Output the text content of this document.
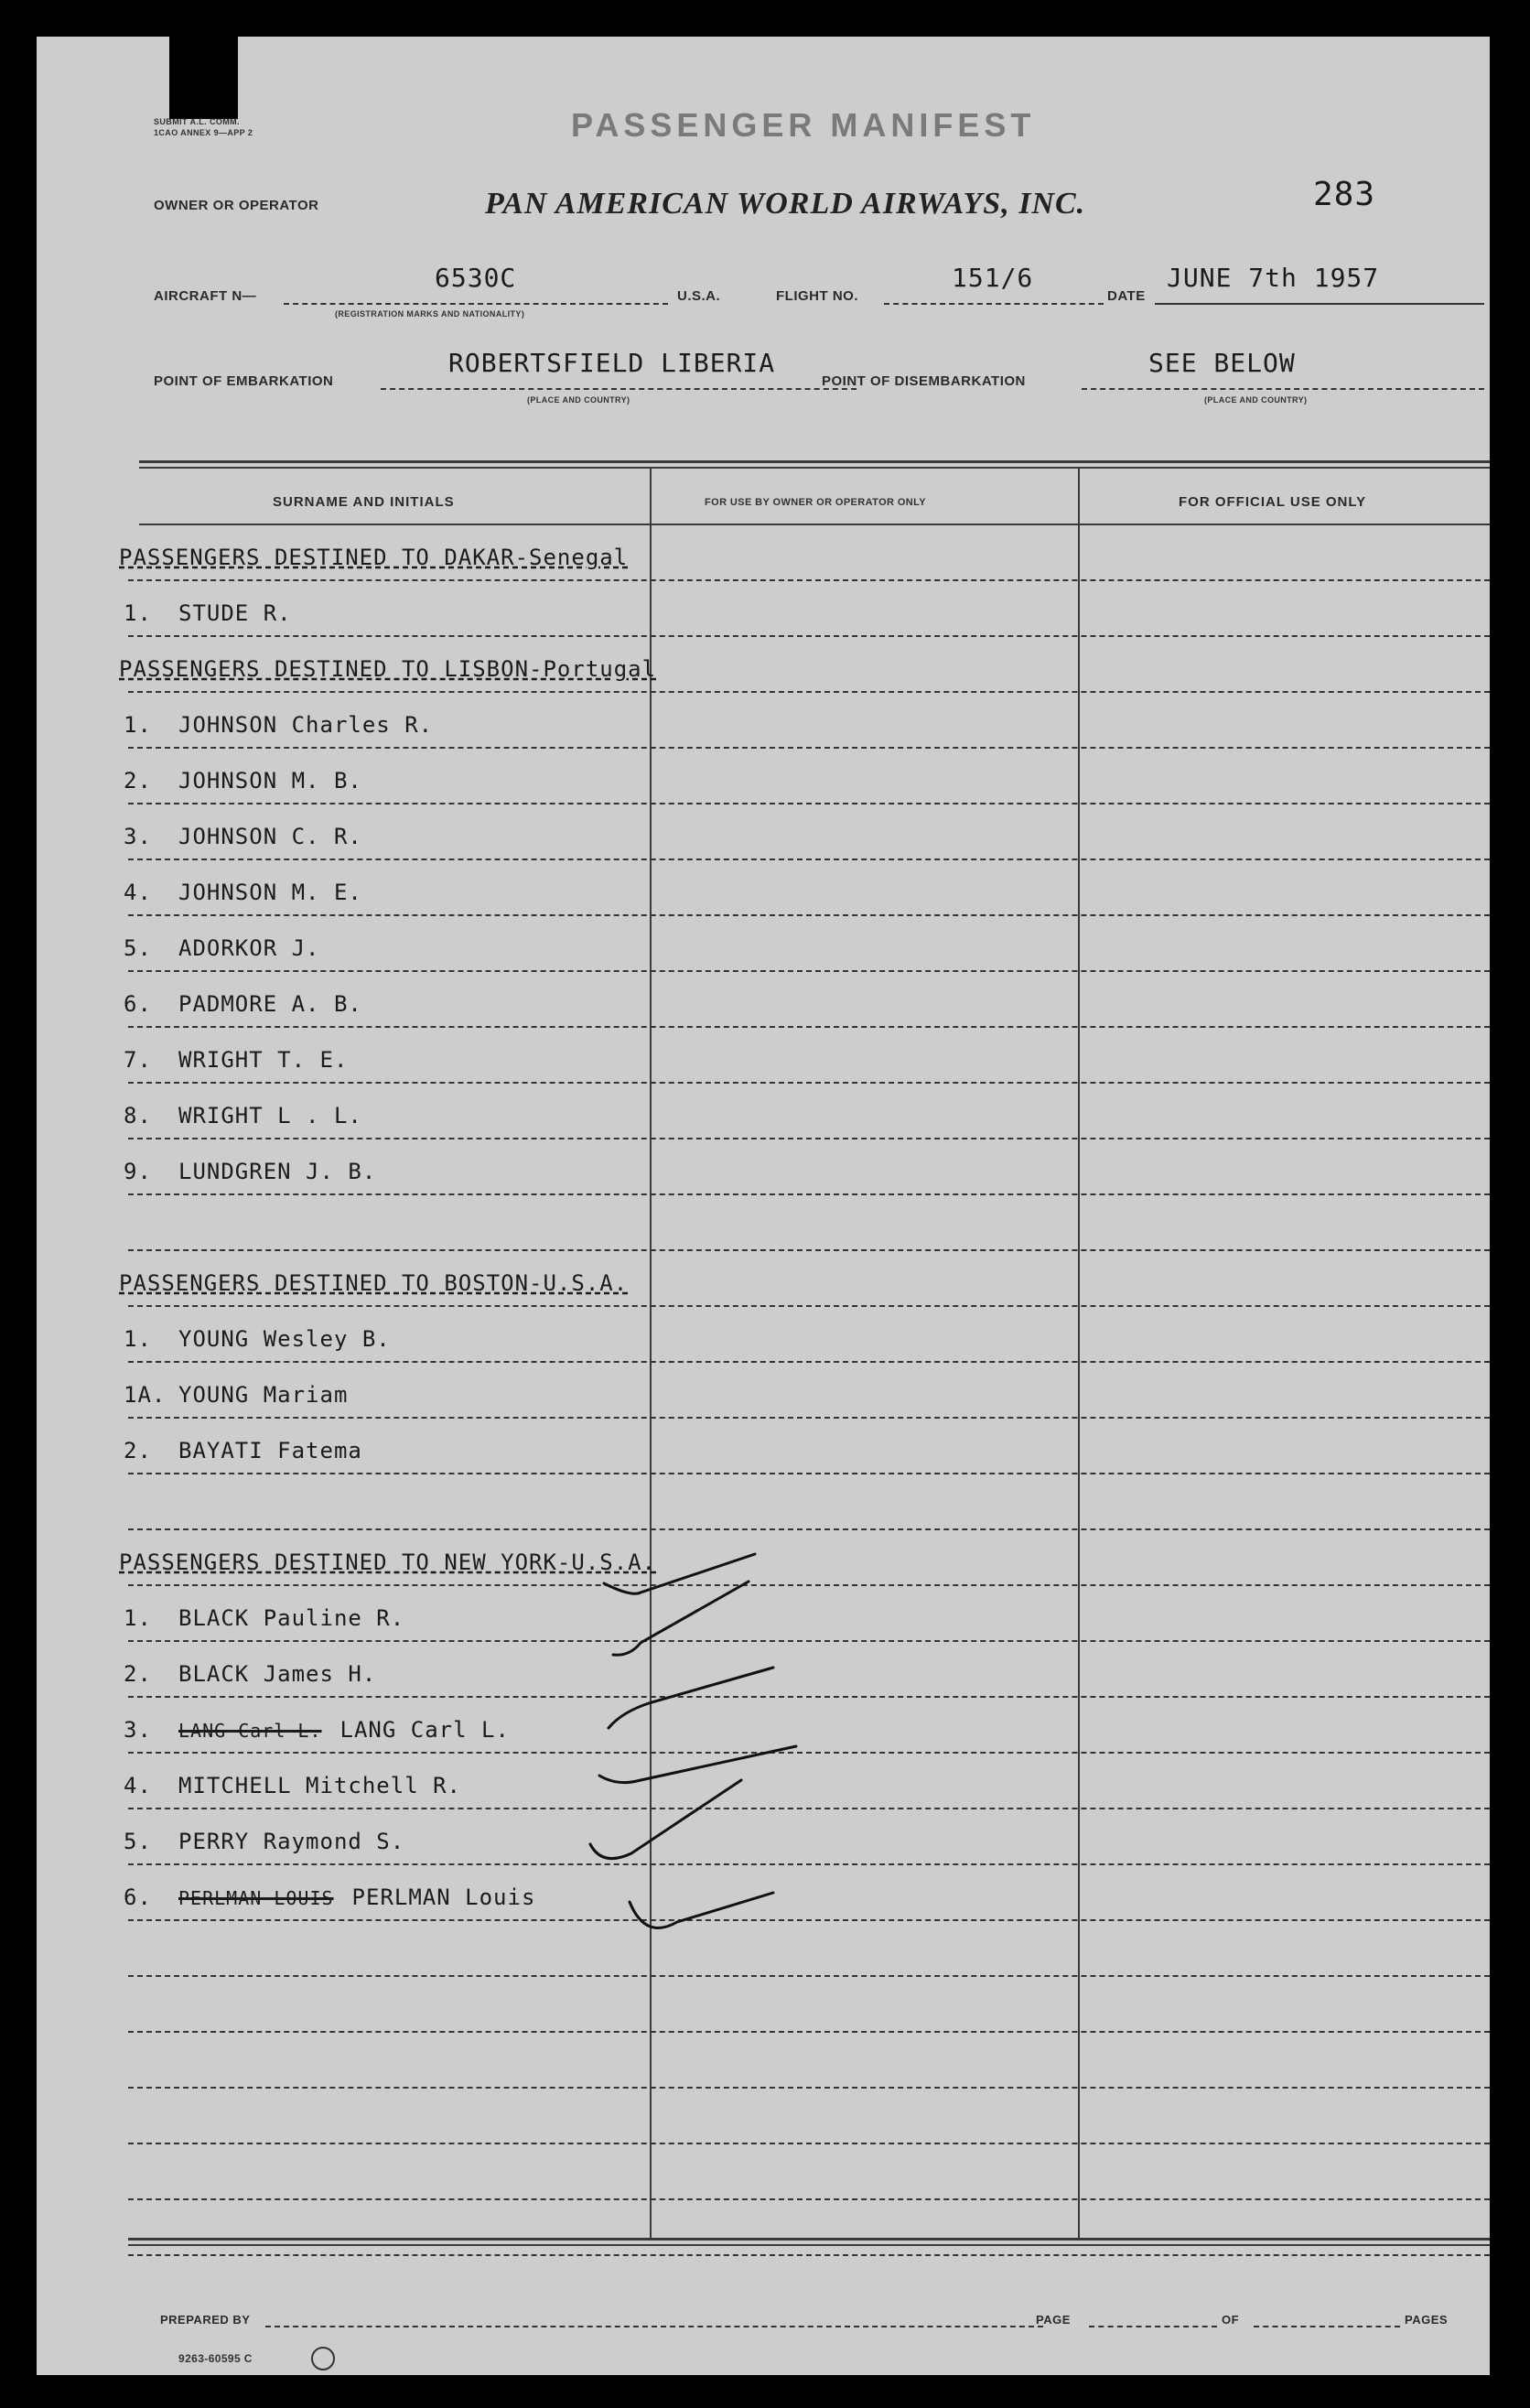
SUBMIT A.L. COMM.
1CAO ANNEX 9—APP 2	PASSENGER MANIFEST
283
OWNER OR OPERATOR	PAN AMERICAN WORLD AIRWAYS, INC.
AIRCRAFT N—
6530C
(REGISTRATION MARKS AND NATIONALITY)
U.S.A.	FLIGHT NO.
151/6
DATE
JUNE 7th 1957
POINT OF EMBARKATION
ROBERTSFIELD LIBERIA
(PLACE AND COUNTRY)
POINT OF DISEMBARKATION
SEE BELOW
(PLACE AND COUNTRY)
SURNAME AND INITIALS	FOR USE BY OWNER OR OPERATOR ONLY	FOR OFFICIAL USE ONLY
PASSENGERS DESTINED TO DAKAR-Senegal
1. STUDE R.
PASSENGERS DESTINED TO LISBON-Portugal
1. JOHNSON Charles R.
2. JOHNSON M. B.
3. JOHNSON C. R.
4. JOHNSON M. E.
5. ADORKOR J.
6. PADMORE A. B.
7. WRIGHT T. E.
8. WRIGHT L . L.
9. LUNDGREN J. B.
PASSENGERS DESTINED TO BOSTON-U.S.A.
1. YOUNG Wesley B.
1A. YOUNG Mariam
2. BAYATI Fatema
PASSENGERS DESTINED TO NEW YORK-U.S.A.
1. BLACK Pauline R.
2. BLACK James H.
3. LANG Carl L. LANG Carl L.
4. MITCHELL Mitchell R.
5. PERRY Raymond S.
6. PERLMAN LOUIS PERLMAN Louis
PREPARED BY	PAGE	OF	PAGES
9263-60595 C
